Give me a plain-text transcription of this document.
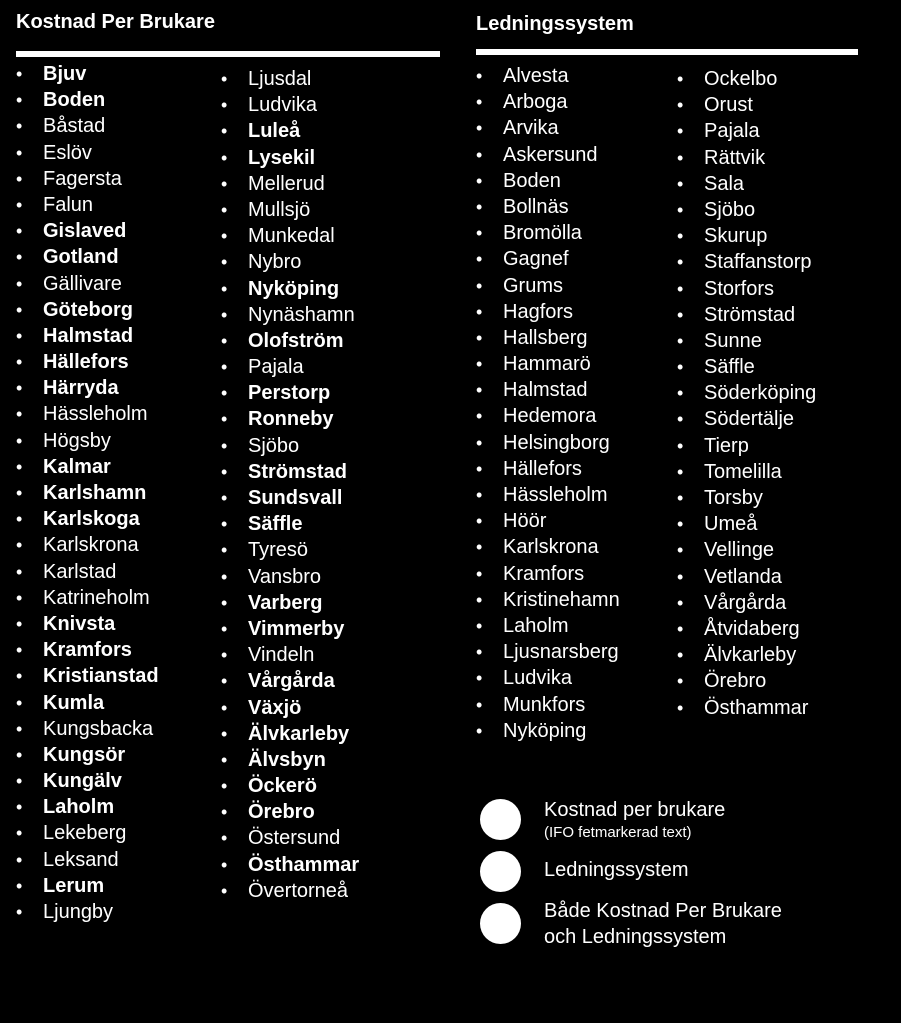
Kostnad Per Brukare	Ledningssystem
• Bjuv
• Boden
• Båstad
• Eslöv
• Fagersta
• Falun
• Gislaved
• Gotland
• Gällivare
• Göteborg
• Halmstad
• Hällefors
• Härryda
• Hässleholm
• Högsby
• Kalmar
• Karlshamn
• Karlskoga
• Karlskrona
• Karlstad
• Katrineholm
• Knivsta
• Kramfors
• Kristianstad
• Kumla
• Kungsbacka
• Kungsör
• Kungälv
• Laholm
• Lekeberg
• Leksand
• Lerum
• Ljungby
• Ljusdal
• Ludvika
• Luleå
• Lysekil
• Mellerud
• Mullsjö
• Munkedal
• Nybro
• Nyköping
• Nynäshamn
• Olofström
• Pajala
• Perstorp
• Ronneby
• Sjöbo
• Strömstad
• Sundsvall
• Säffle
• Tyresö
• Vansbro
• Varberg
• Vimmerby
• Vindeln
• Vårgårda
• Växjö
• Älvkarleby
• Älvsbyn
• Öckerö
• Örebro
• Östersund
• Östhammar
• Övertorneå
• Alvesta
• Arboga
• Arvika
• Askersund
• Boden
• Bollnäs
• Bromölla
• Gagnef
• Grums
• Hagfors
• Hallsberg
• Hammarö
• Halmstad
• Hedemora
• Helsingborg
• Hällefors
• Hässleholm
• Höör
• Karlskrona
• Kramfors
• Kristinehamn
• Laholm
• Ljusnarsberg
• Ludvika
• Munkfors
• Nyköping
• Ockelbo
• Orust
• Pajala
• Rättvik
• Sala
• Sjöbo
• Skurup
• Staffanstorp
• Storfors
• Strömstad
• Sunne
• Säffle
• Söderköping
• Södertälje
• Tierp
• Tomelilla
• Torsby
• Umeå
• Vellinge
• Vetlanda
• Vårgårda
• Åtvidaberg
• Älvkarleby
• Örebro
• Östhammar
Kostnad per brukare
(IFO fetmarkerad text)
Ledningssystem
Både Kostnad Per Brukare
och Ledningssystem
